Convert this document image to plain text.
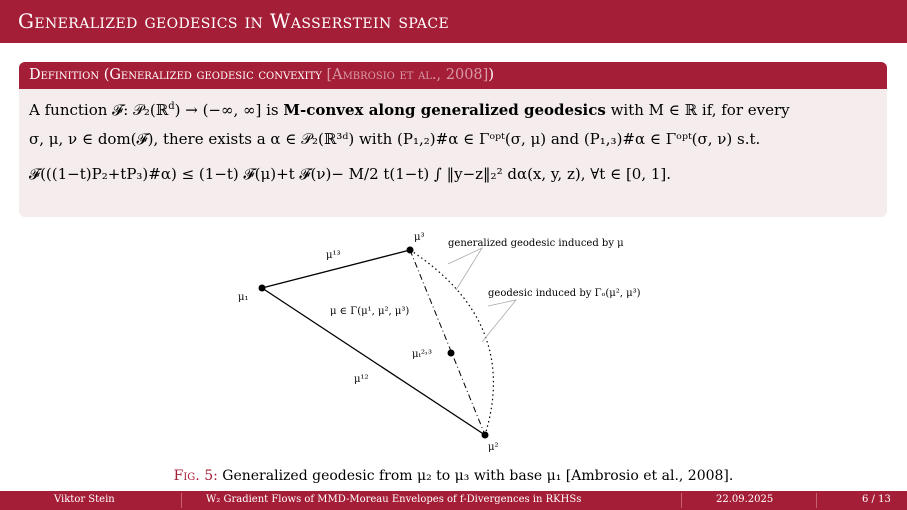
Generalized geodesics in Wasserstein space
Definition (Generalized geodesic convexity [Ambrosio et al., 2008])
A function 𝓕: 𝒫₂(ℝ$^d$) → (−∞, ∞] is M-convex along generalized geodesics with M ∈ ℝ if, for every
σ, μ, ν ∈ dom(𝓕), there exists a α ∈ 𝒫₂(ℝ³ᵈ) with (P₁,₂)#α ∈ Γᵒᵖᵗ(σ, μ) and (P₁,₃)#α ∈ Γᵒᵖᵗ(σ, ν) s.t.
𝓕(((1−t)P₂+tP₃)#α) ≤ (1−t) 𝓕(μ)+t 𝓕(ν)− M/2 t(1−t) ∫ ‖y−z‖₂² dα(x, y, z), ∀t ∈ [0, 1].
μ₁
μ³
μ²
μ¹³
μ¹²
μₜ²˒³
μ ∈ Γ(μ¹, μ², μ³)
generalized geodesic induced by μ
geodesic induced by Γₒ(μ², μ³)
Fig. 5: Generalized geodesic from μ₂ to μ₃ with base μ₁ [Ambrosio et al., 2008].
Viktor Stein	W₂ Gradient Flows of MMD-Moreau Envelopes of f-Divergences in RKHSs	22.09.2025	6 / 13
